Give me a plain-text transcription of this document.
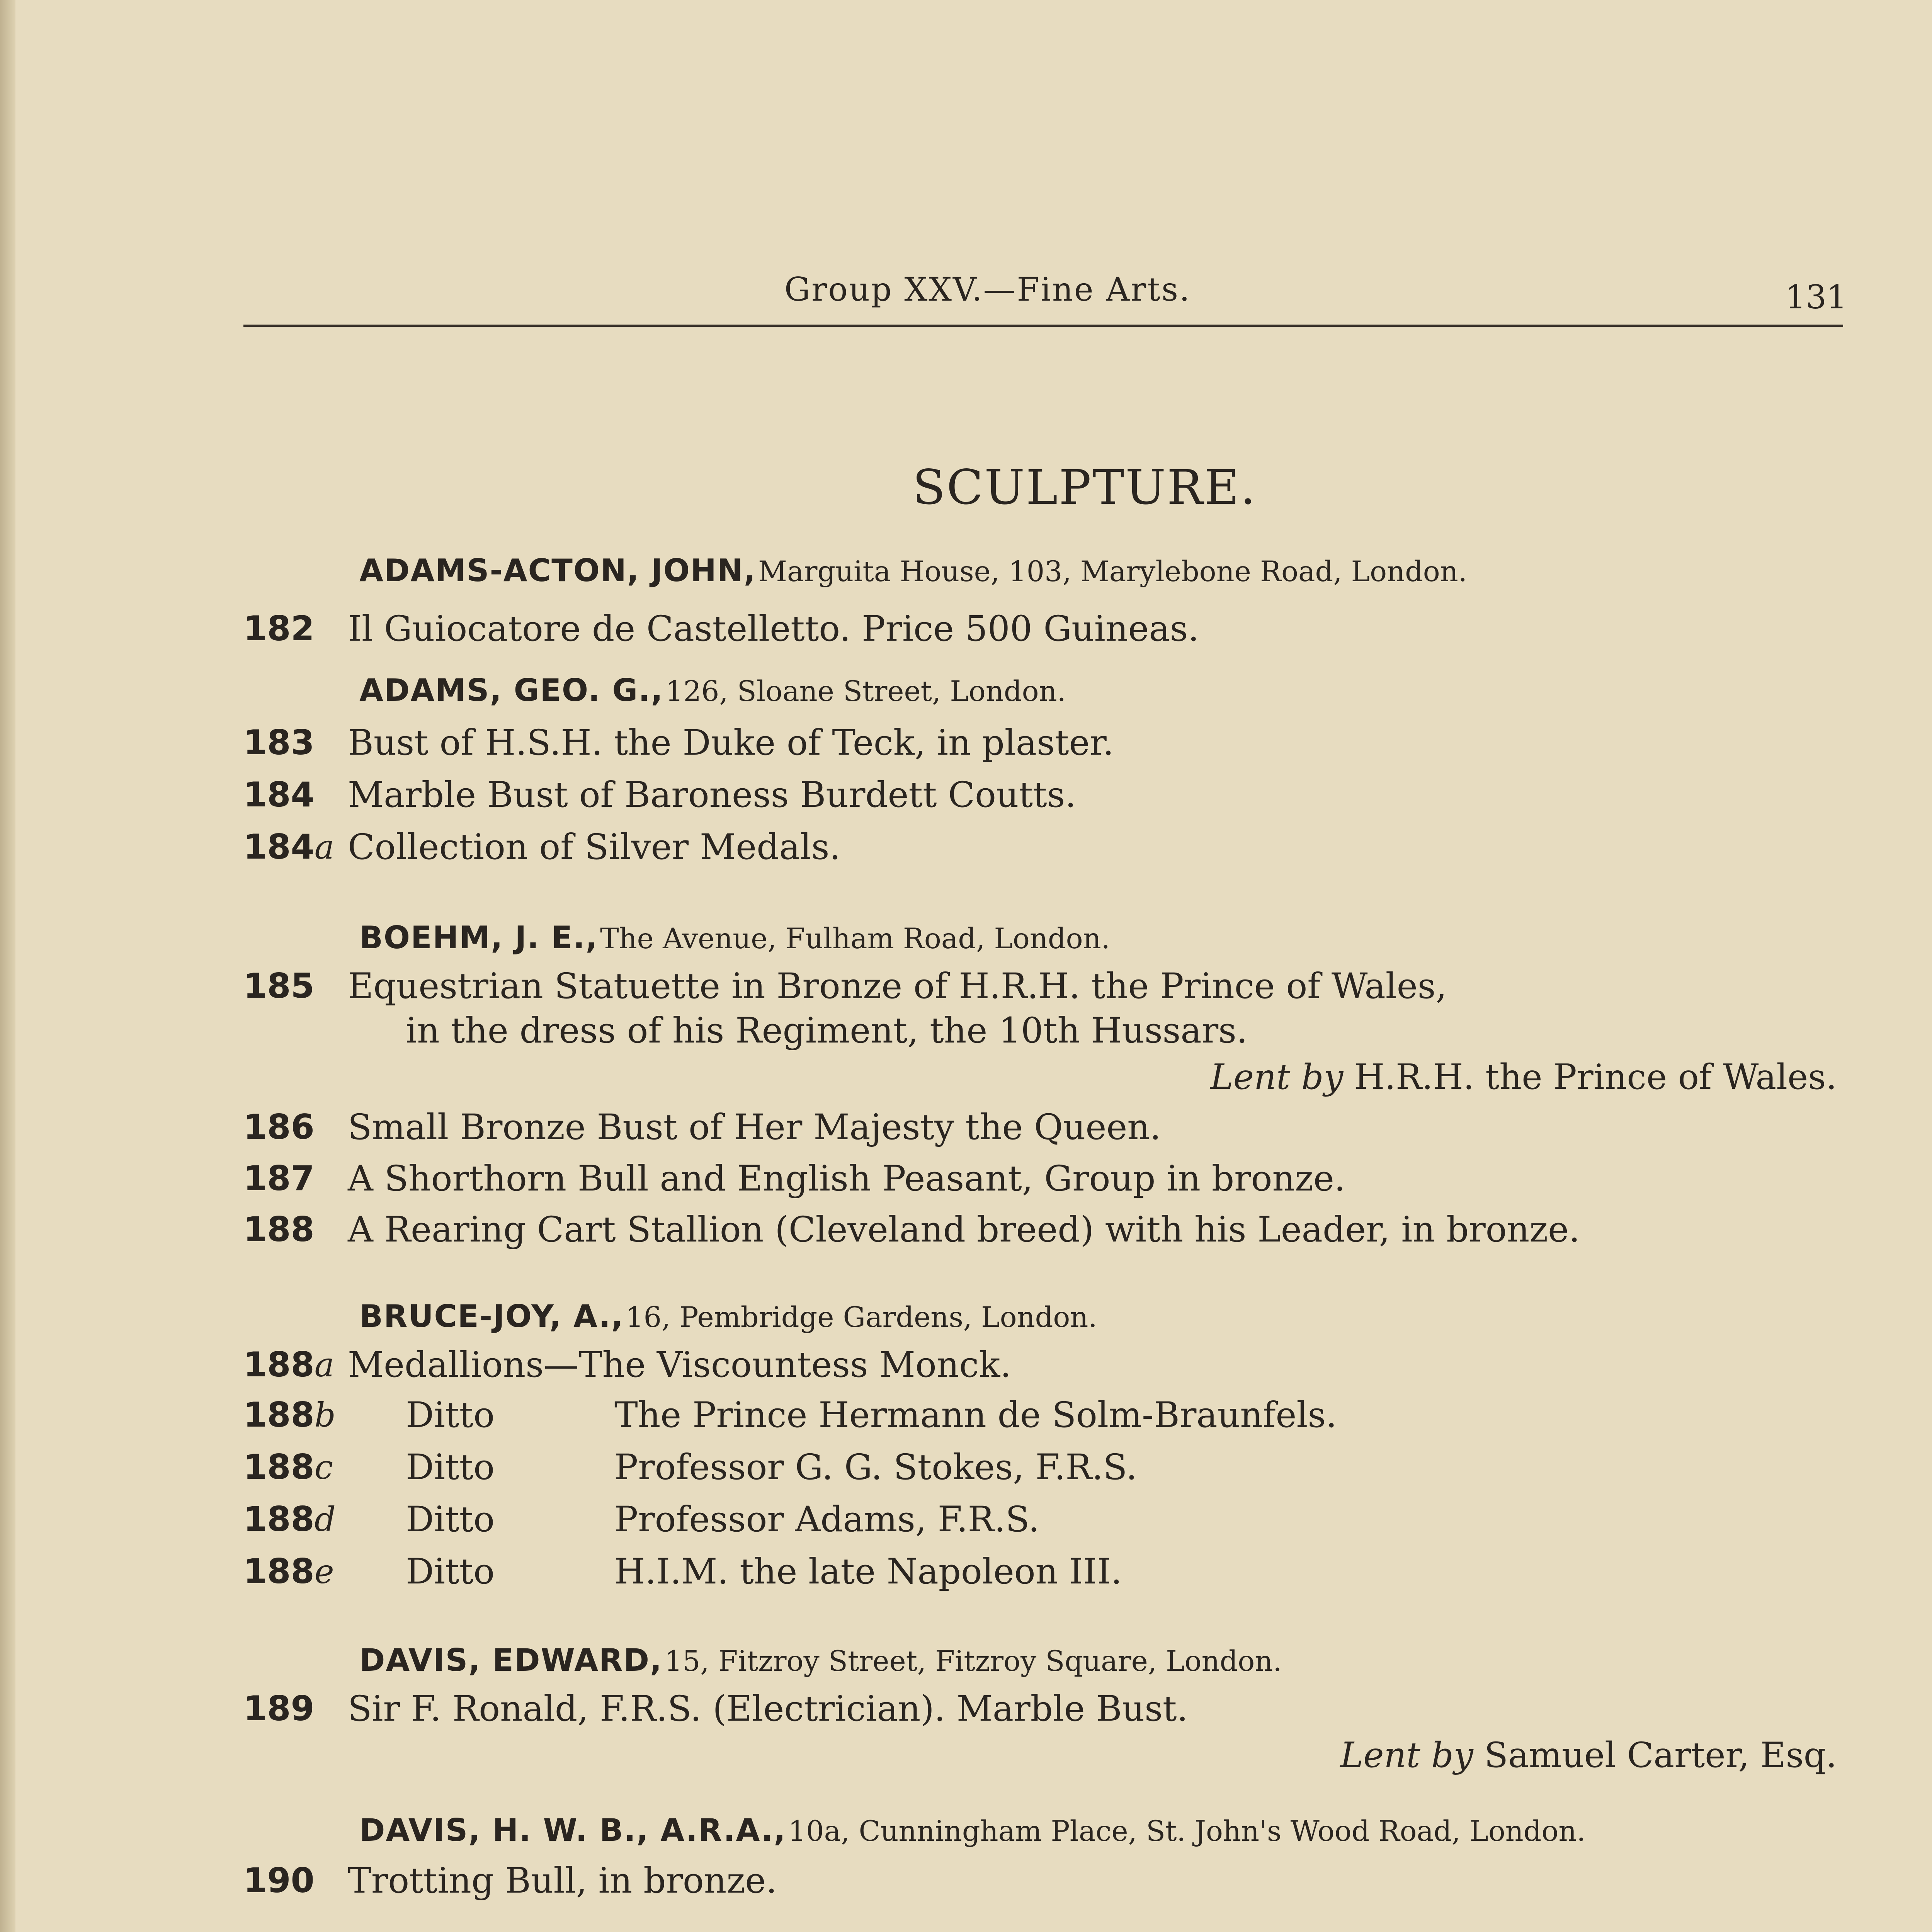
Group XXV.—Fine Arts.	131
SCULPTURE.
ADAMS-ACTON, JOHN, Marguita House, 103, Marylebone Road, London.
182 Il Guiocatore de Castelletto. Price 500 Guineas.
ADAMS, GEO. G., 126, Sloane Street, London.
183 Bust of H.S.H. the Duke of Teck, in plaster.
184 Marble Bust of Baroness Burdett Coutts.
184a Collection of Silver Medals.
BOEHM, J. E., The Avenue, Fulham Road, London.
185 Equestrian Statuette in Bronze of H.R.H. the Prince of Wales,
in the dress of his Regiment, the 10th Hussars.
Lent by H.R.H. the Prince of Wales.
186 Small Bronze Bust of Her Majesty the Queen.
187 A Shorthorn Bull and English Peasant, Group in bronze.
188 A Rearing Cart Stallion (Cleveland breed) with his Leader, in bronze.
BRUCE-JOY, A., 16, Pembridge Gardens, London.
188a Medallions—The Viscountess Monck.
188b Ditto	The Prince Hermann de Solm-Braunfels.
188c Ditto	Professor G. G. Stokes, F.R.S.
188d Ditto	Professor Adams, F.R.S.
188e Ditto	H.I.M. the late Napoleon III.
DAVIS, EDWARD, 15, Fitzroy Street, Fitzroy Square, London.
189 Sir F. Ronald, F.R.S. (Electrician). Marble Bust.
Lent by Samuel Carter, Esq.
DAVIS, H. W. B., A.R.A., 10a, Cunningham Place, St. John's Wood Road, London.
190 Trotting Bull, in bronze.
